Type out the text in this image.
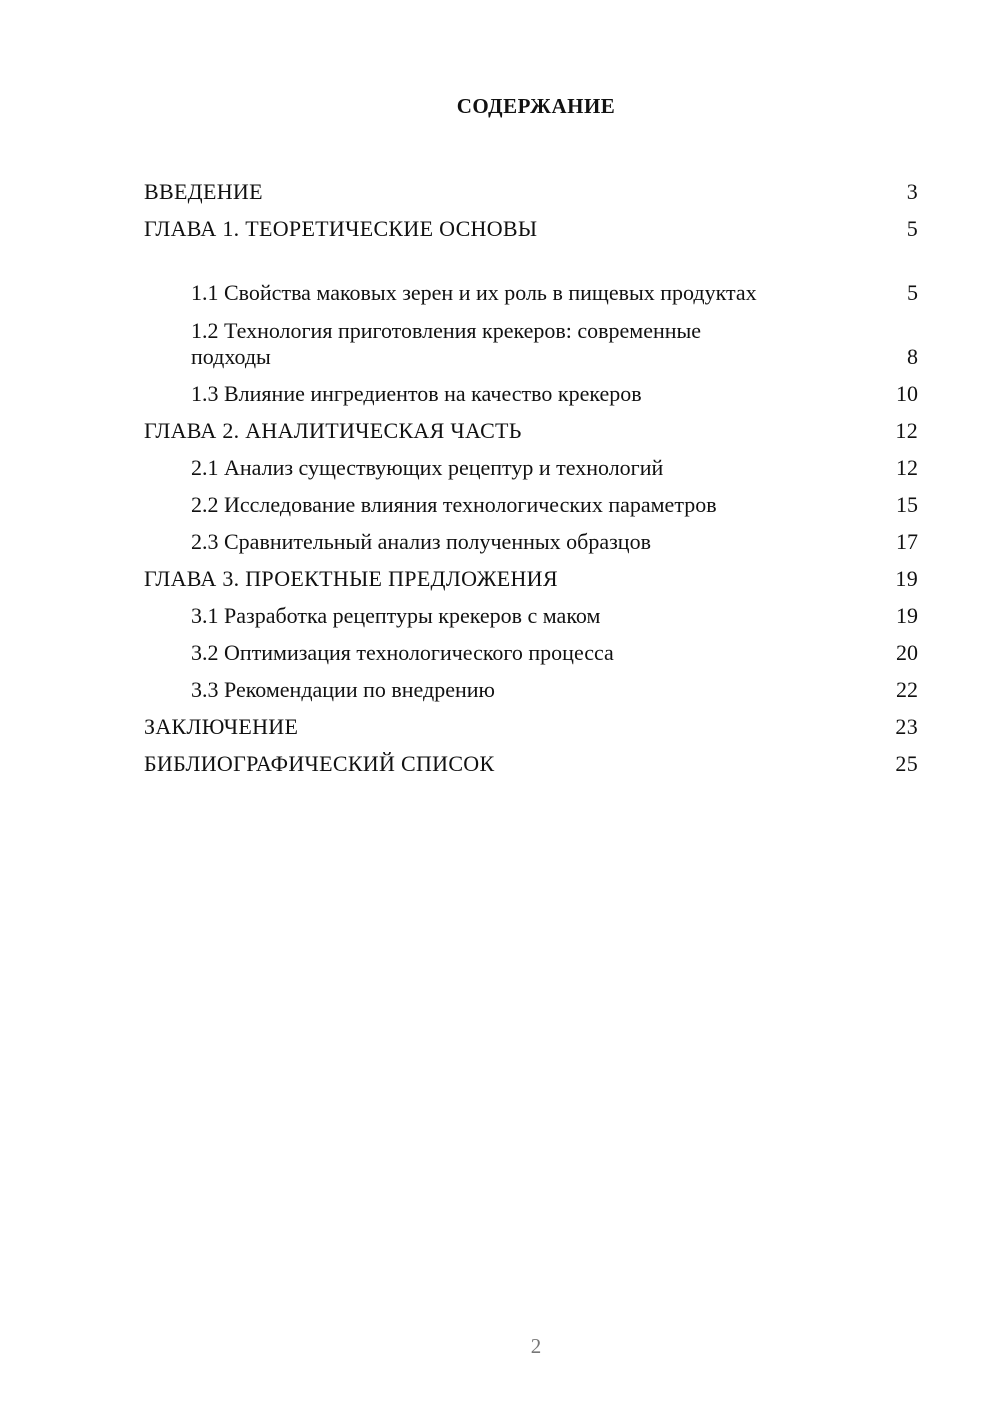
СОДЕРЖАНИЕ
ВВЕДЕНИЕ	3
ГЛАВА 1. ТЕОРЕТИЧЕСКИЕ ОСНОВЫ	5
1.1 Свойства маковых зерен и их роль в пищевых продуктах	5
1.2 Технология приготовления крекеров: современные подходы	8
1.3 Влияние ингредиентов на качество крекеров	10
ГЛАВА 2. АНАЛИТИЧЕСКАЯ ЧАСТЬ	12
2.1 Анализ существующих рецептур и технологий	12
2.2 Исследование влияния технологических параметров	15
2.3 Сравнительный анализ полученных образцов	17
ГЛАВА 3. ПРОЕКТНЫЕ ПРЕДЛОЖЕНИЯ	19
3.1 Разработка рецептуры крекеров с маком	19
3.2 Оптимизация технологического процесса	20
3.3 Рекомендации по внедрению	22
ЗАКЛЮЧЕНИЕ	23
БИБЛИОГРАФИЧЕСКИЙ СПИСОК	25
2
